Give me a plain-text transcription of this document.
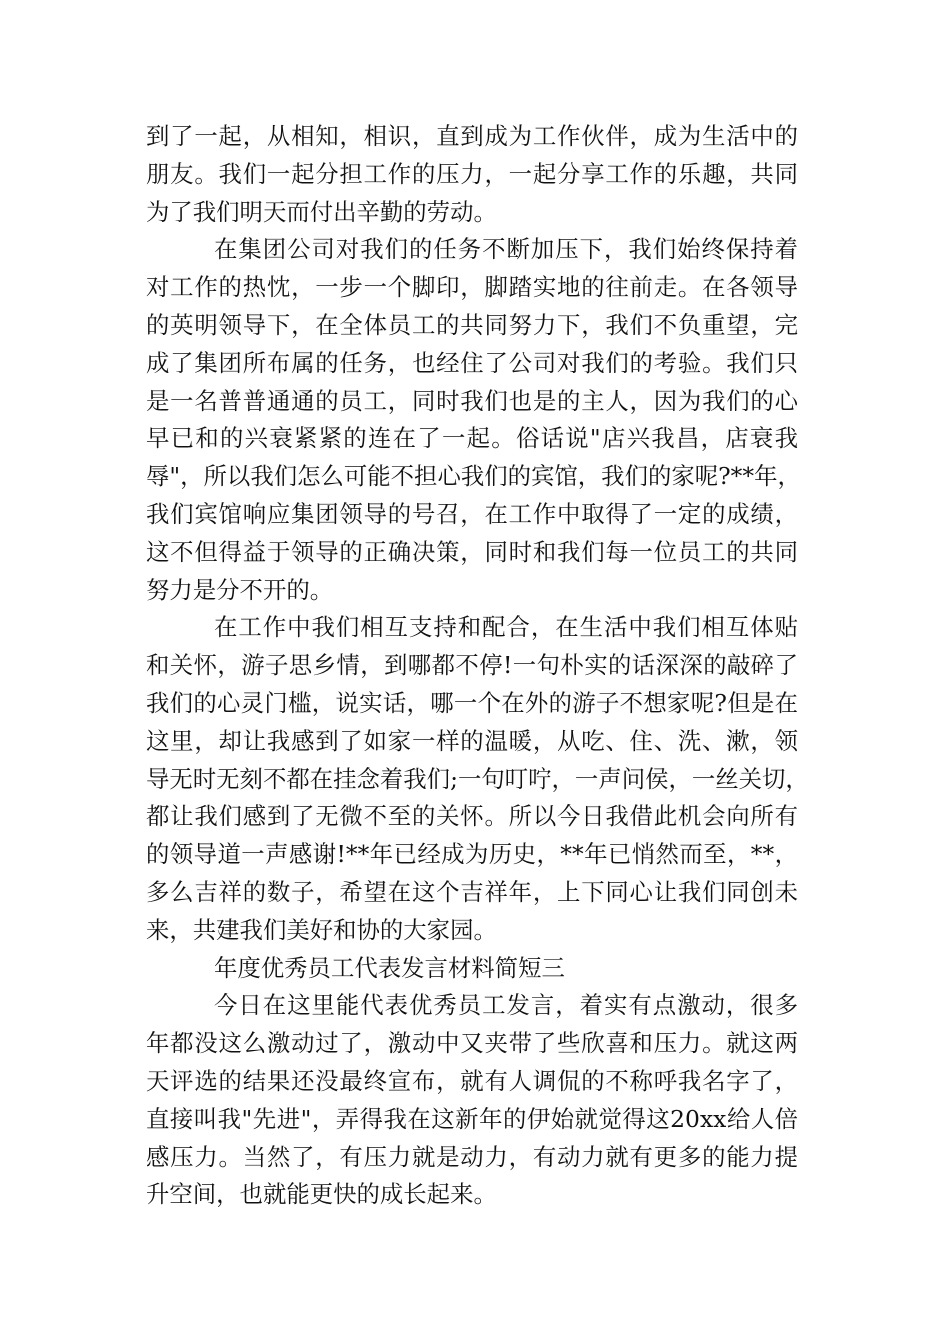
到了一起，从相知，相识，直到成为工作伙伴，成为生活中的
朋友。我们一起分担工作的压力，一起分享工作的乐趣，共同
为了我们明天而付出辛勤的劳动。
在集团公司对我们的任务不断加压下，我们始终保持着
对工作的热忱，一步一个脚印，脚踏实地的往前走。在各领导
的英明领导下，在全体员工的共同努力下，我们不负重望，完
成了集团所布属的任务，也经住了公司对我们的考验。我们只
是一名普普通通的员工，同时我们也是的主人，因为我们的心
早已和的兴衰紧紧的连在了一起。俗话说"店兴我昌，店衰我
辱"，所以我们怎么可能不担心我们的宾馆，我们的家呢?**年，
我们宾馆响应集团领导的号召，在工作中取得了一定的成绩，
这不但得益于领导的正确决策，同时和我们每一位员工的共同
努力是分不开的。
在工作中我们相互支持和配合，在生活中我们相互体贴
和关怀，游子思乡情，到哪都不停!一句朴实的话深深的敲碎了
我们的心灵门槛，说实话，哪一个在外的游子不想家呢?但是在
这里，却让我感到了如家一样的温暖，从吃、住、洗、漱，领
导无时无刻不都在挂念着我们;一句叮咛，一声问侯，一丝关切，
都让我们感到了无微不至的关怀。所以今日我借此机会向所有
的领导道一声感谢!**年已经成为历史，**年已悄然而至，**，
多么吉祥的数子，希望在这个吉祥年，上下同心让我们同创未
来，共建我们美好和协的大家园。
年度优秀员工代表发言材料简短三
今日在这里能代表优秀员工发言，着实有点激动，很多
年都没这么激动过了，激动中又夹带了些欣喜和压力。就这两
天评选的结果还没最终宣布，就有人调侃的不称呼我名字了，
直接叫我"先进"，弄得我在这新年的伊始就觉得这20xx给人倍
感压力。当然了，有压力就是动力，有动力就有更多的能力提
升空间，也就能更快的成长起来。
